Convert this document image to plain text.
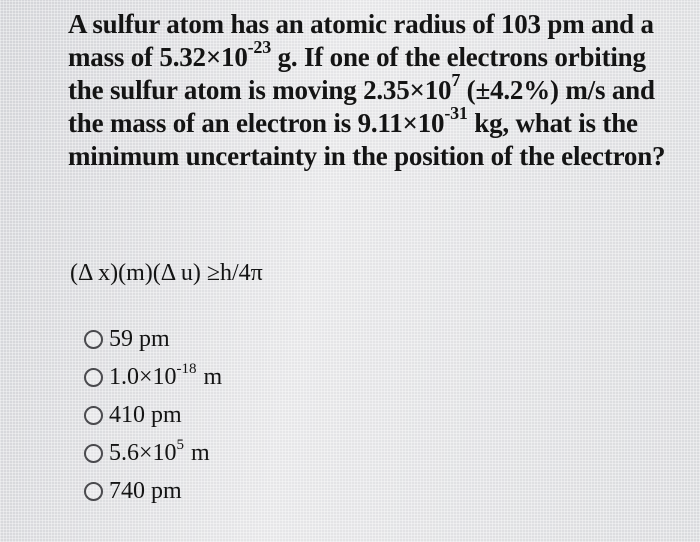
A sulfur atom has an atomic radius of 103 pm and a
mass of $5.32\times 10^{-23}$ g. If one of the electrons orbiting
the sulfur atom is moving $2.35\times 10^7$ (±4.2%) m/s and
the mass of an electron is $9.11\times 10^{-31}$ kg, what is the
minimum uncertainty in the position of the electron?
(Δ x)(m)(Δ u) ≥h/4π
59 pm
$1.0\times 10^{-18}$ m
410 pm
$5.6\times 10^5$ m
740 pm
